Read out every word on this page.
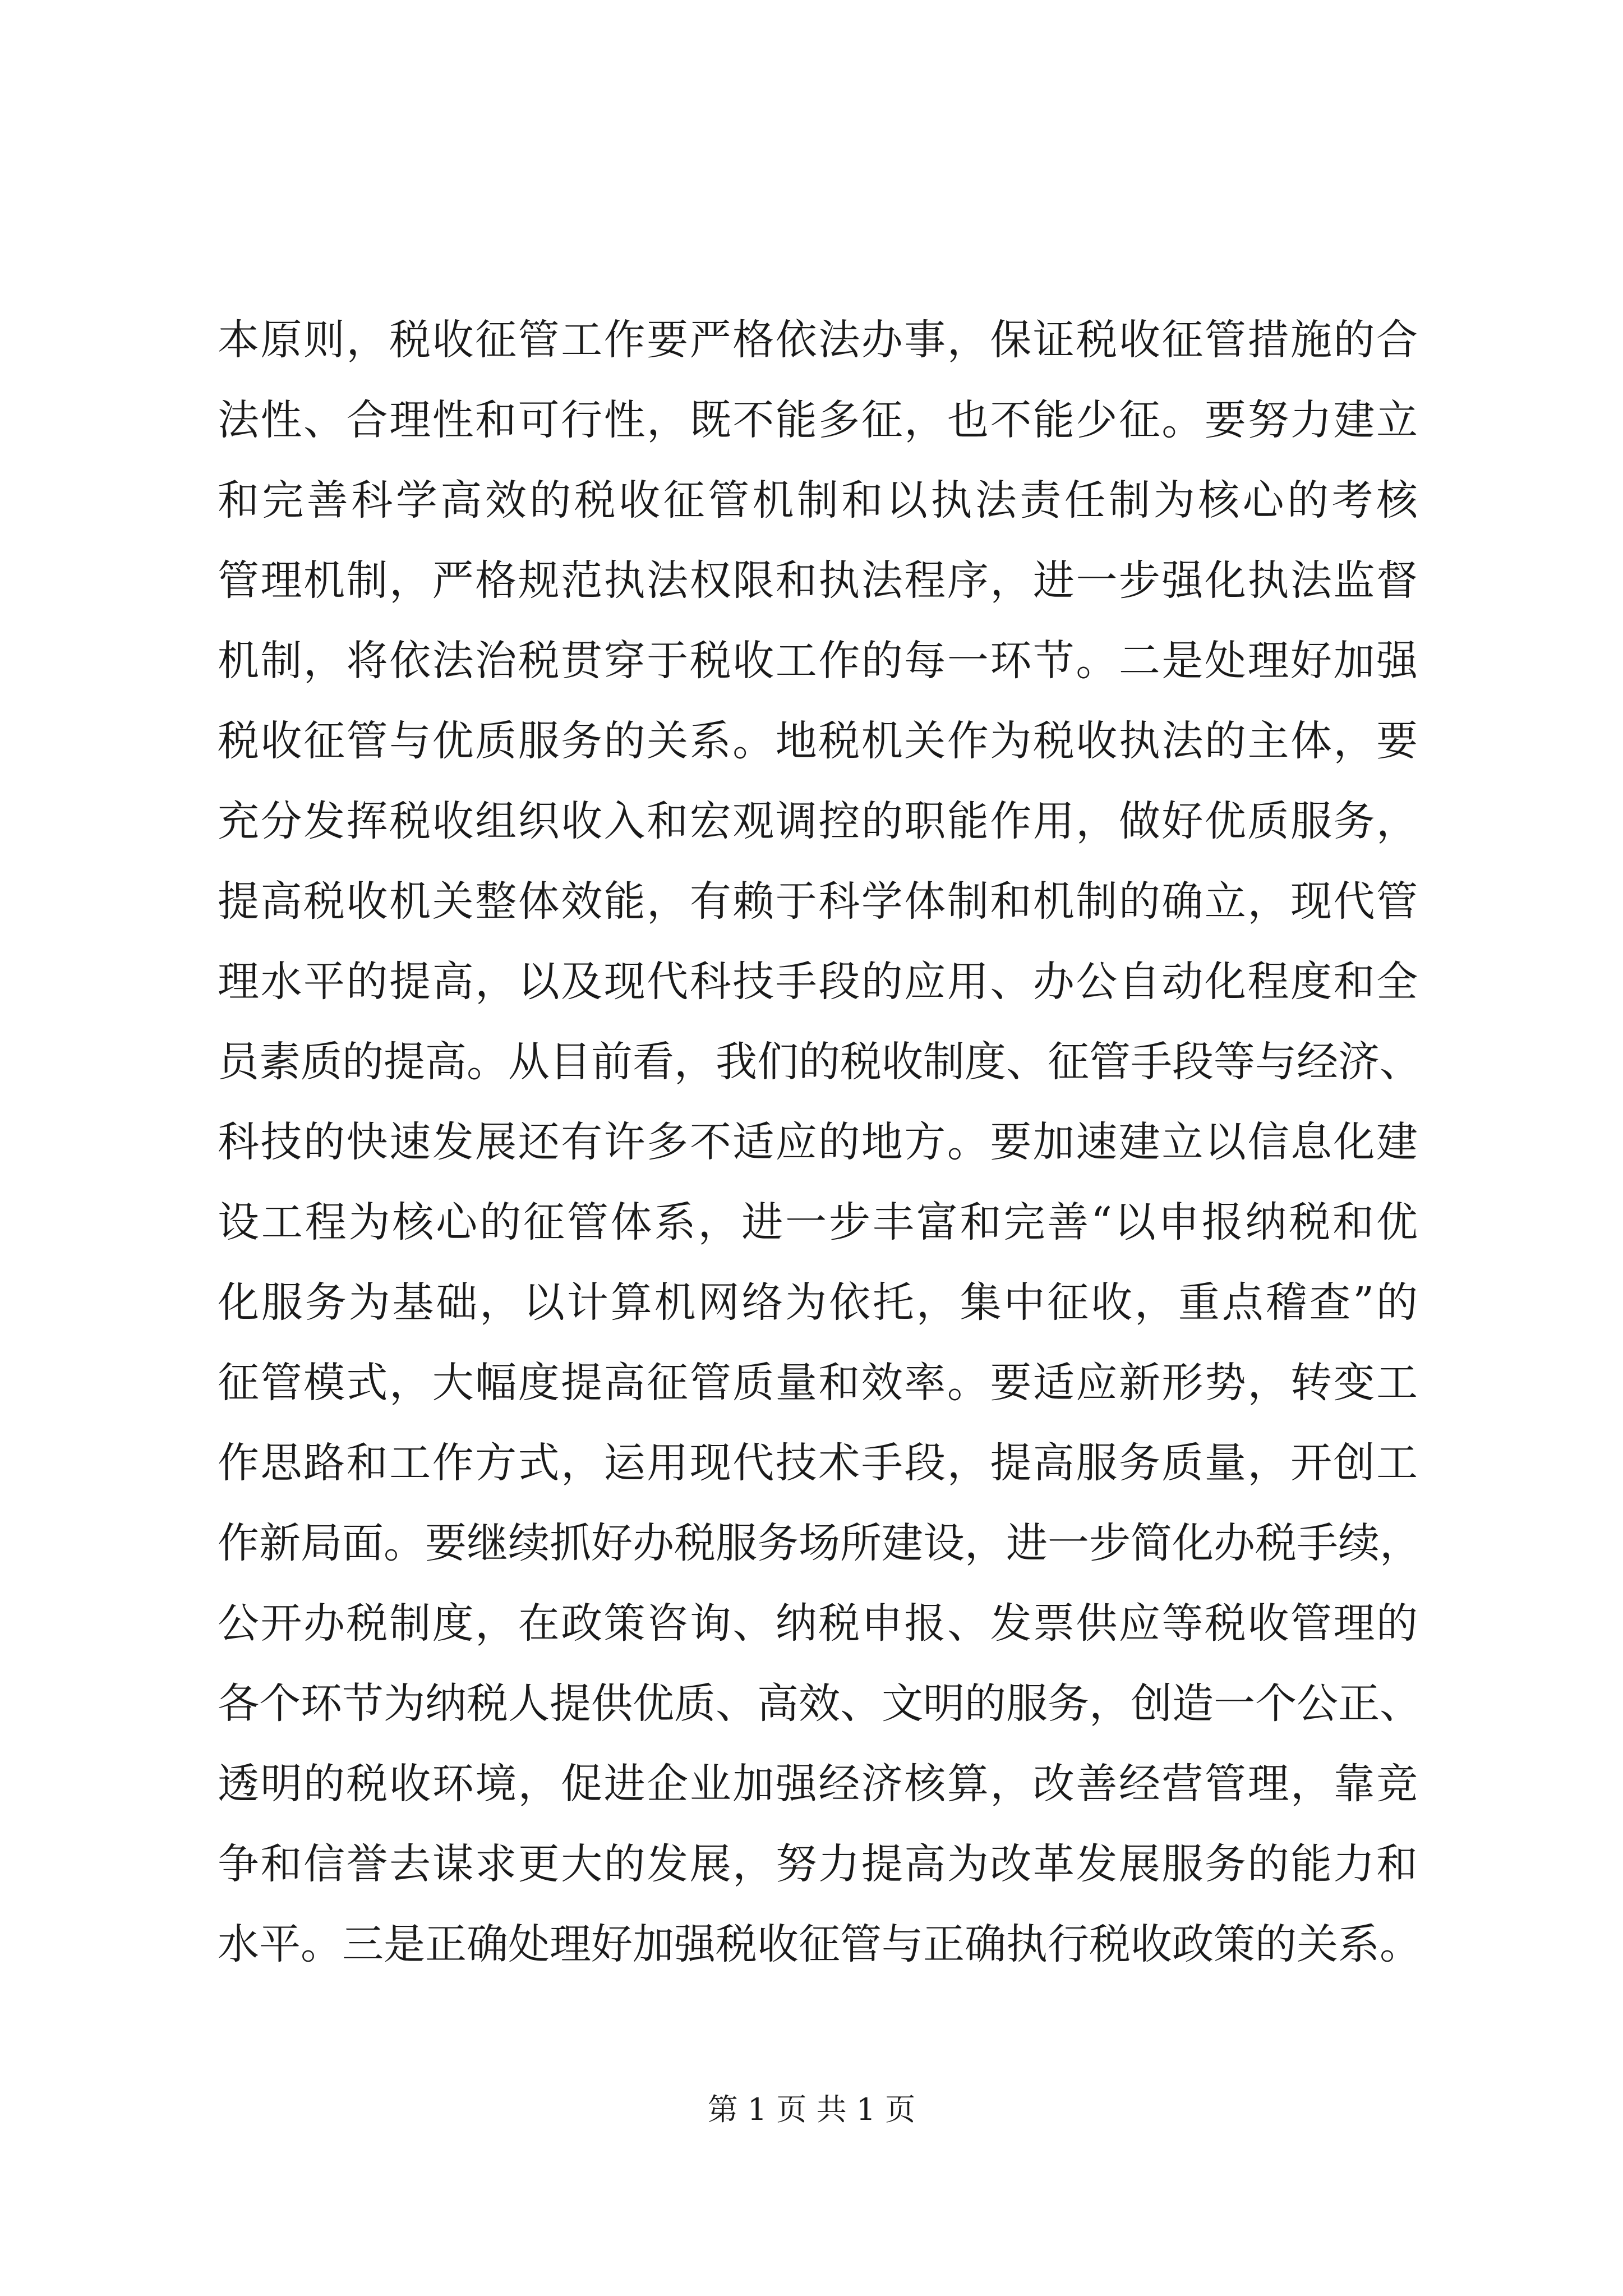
本原则，税收征管工作要严格依法办事，保证税收征管措施的合
法性、合理性和可行性，既不能多征，也不能少征。要努力建立
和完善科学高效的税收征管机制和以执法责任制为核心的考核
管理机制，严格规范执法权限和执法程序，进一步强化执法监督
机制，将依法治税贯穿于税收工作的每一环节。二是处理好加强
税收征管与优质服务的关系。地税机关作为税收执法的主体，要
充分发挥税收组织收入和宏观调控的职能作用，做好优质服务，
提高税收机关整体效能，有赖于科学体制和机制的确立，现代管
理水平的提高，以及现代科技手段的应用、办公自动化程度和全
员素质的提高。从目前看，我们的税收制度、征管手段等与经济、
科技的快速发展还有许多不适应的地方。要加速建立以信息化建
设工程为核心的征管体系，进一步丰富和完善“以申报纳税和优
化服务为基础，以计算机网络为依托，集中征收，重点稽查”的
征管模式，大幅度提高征管质量和效率。要适应新形势，转变工
作思路和工作方式，运用现代技术手段，提高服务质量，开创工
作新局面。要继续抓好办税服务场所建设，进一步简化办税手续，
公开办税制度，在政策咨询、纳税申报、发票供应等税收管理的
各个环节为纳税人提供优质、高效、文明的服务，创造一个公正、
透明的税收环境，促进企业加强经济核算，改善经营管理，靠竞
争和信誉去谋求更大的发展，努力提高为改革发展服务的能力和
水平。三是正确处理好加强税收征管与正确执行税收政策的关系。
第 1 页 共 1 页
